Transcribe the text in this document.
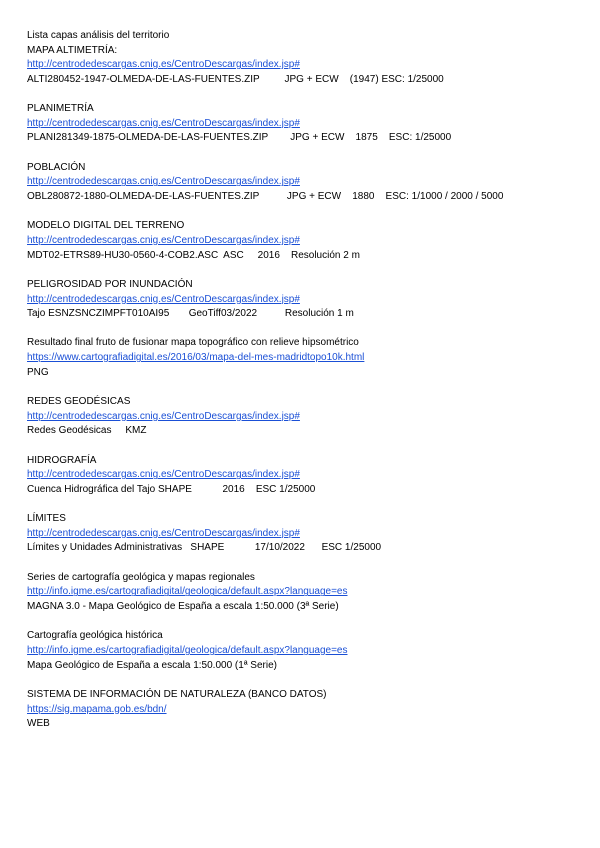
Lista capas análisis del territorio
MAPA ALTIMETRÍA:
http://centrodedescargas.cnig.es/CentroDescargas/index.jsp#
ALTI280452-1947-OLMEDA-DE-LAS-FUENTES.ZIP         JPG + ECW    (1947) ESC: 1/25000
PLANIMETRÍA
http://centrodedescargas.cnig.es/CentroDescargas/index.jsp#
PLANI281349-1875-OLMEDA-DE-LAS-FUENTES.ZIP        JPG + ECW    1875    ESC: 1/25000
POBLACIÓN
http://centrodedescargas.cnig.es/CentroDescargas/index.jsp#
OBL280872-1880-OLMEDA-DE-LAS-FUENTES.ZIP          JPG + ECW    1880    ESC: 1/1000 / 2000 / 5000
MODELO DIGITAL DEL TERRENO
http://centrodedescargas.cnig.es/CentroDescargas/index.jsp#
MDT02-ETRS89-HU30-0560-4-COB2.ASC  ASC     2016    Resolución 2 m
PELIGROSIDAD POR INUNDACIÓN
http://centrodedescargas.cnig.es/CentroDescargas/index.jsp#
Tajo ESNZSNCZIMPFT010AI95       GeoTiff03/2022          Resolución 1 m
Resultado final fruto de fusionar mapa topográfico con relieve hipsométrico
https://www.cartografiadigital.es/2016/03/mapa-del-mes-madridtopo10k.html
PNG
REDES GEODÉSICAS
http://centrodedescargas.cnig.es/CentroDescargas/index.jsp#
Redes Geodésicas     KMZ
HIDROGRAFÍA
http://centrodedescargas.cnig.es/CentroDescargas/index.jsp#
Cuenca Hidrográfica del Tajo SHAPE           2016    ESC 1/25000
LÍMITES
http://centrodedescargas.cnig.es/CentroDescargas/index.jsp#
Límites y Unidades Administrativas   SHAPE           17/10/2022      ESC 1/25000
Series de cartografía geológica y mapas regionales
http://info.igme.es/cartografiadigital/geologica/default.aspx?language=es
MAGNA 3.0 - Mapa Geológico de España a escala 1:50.000 (3ª Serie)
Cartografía geológica histórica
http://info.igme.es/cartografiadigital/geologica/default.aspx?language=es
Mapa Geológico de España a escala 1:50.000 (1ª Serie)
SISTEMA DE INFORMACIÓN DE NATURALEZA (BANCO DATOS)
https://sig.mapama.gob.es/bdn/
WEB
